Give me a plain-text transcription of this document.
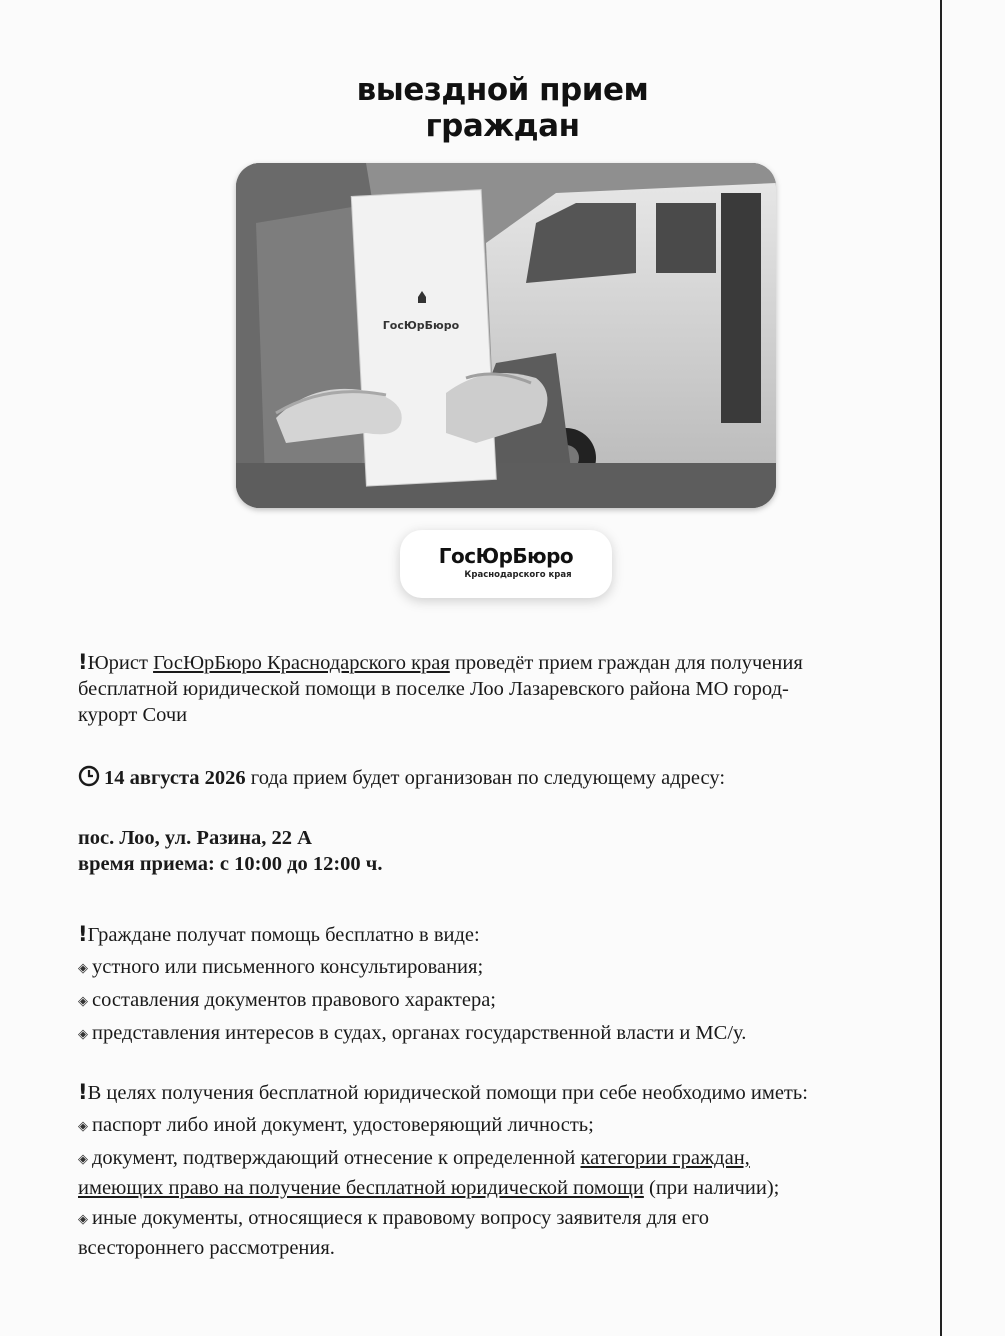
выездной прием
граждан
ГосЮрБюро
ГосЮрБюро
Краснодарского края
!Юрист ГосЮрБюро Краснодарского края проведёт прием граждан для получения
бесплатной юридической помощи в поселке Лоо Лазаревского района МО город-
курорт Сочи
14 августа 2026 года прием будет организован по следующему адресу:
пос. Лоо, ул. Разина, 22 А
время приема: с 10:00 до 12:00 ч.
!Граждане получат помощь бесплатно в виде:
◈ устного или письменного консультирования;
◈ составления документов правового характера;
◈ представления интересов в судах, органах государственной власти и МС/у.
!В целях получения бесплатной юридической помощи при себе необходимо иметь:
◈ паспорт либо иной документ, удостоверяющий личность;
◈ документ, подтверждающий отнесение к определенной категории граждан,
имеющих право на получение бесплатной юридической помощи (при наличии);
◈ иные документы, относящиеся к правовому вопросу заявителя для его
всестороннего рассмотрения.
